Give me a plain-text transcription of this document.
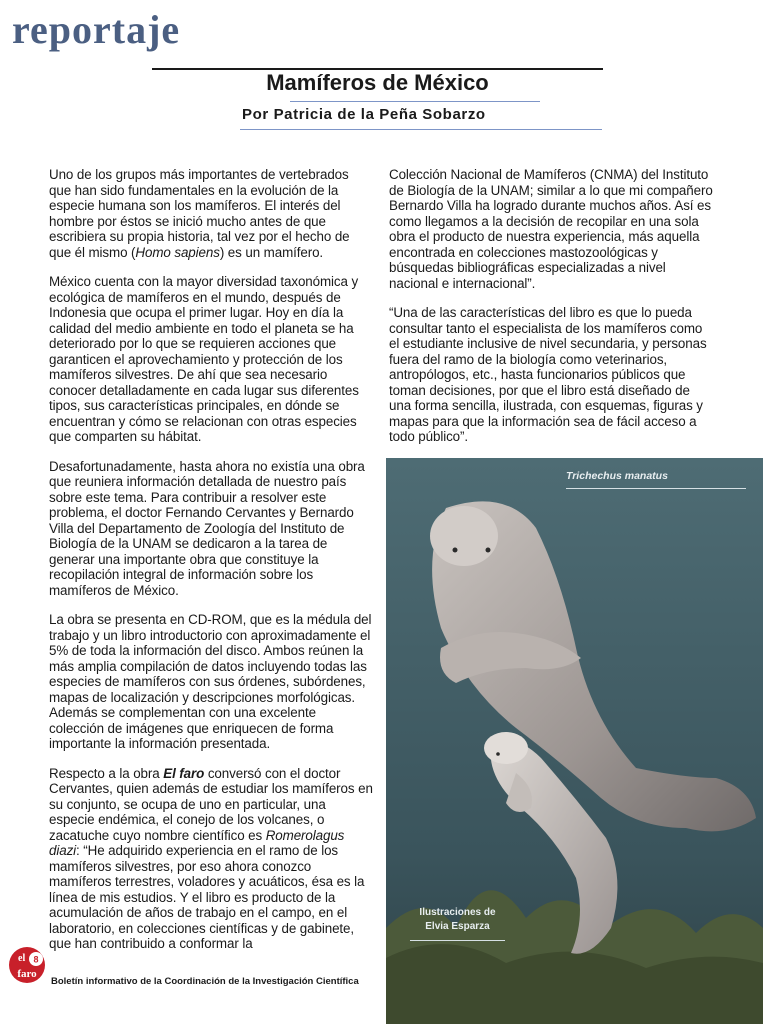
reportaje
Mamíferos de México
Por Patricia de la Peña Sobarzo

Uno de los grupos más importantes de vertebrados que han sido fundamentales en la evolución de la especie humana son los mamíferos. El interés del hombre por éstos se inició mucho antes de que escribiera su propia historia, tal vez por el hecho de que él mismo (Homo sapiens) es un mamífero.

México cuenta con la mayor diversidad taxonómica y ecológica de mamíferos en el mundo, después de Indonesia que ocupa el primer lugar. Hoy en día la calidad del medio ambiente en todo el planeta se ha deteriorado por lo que se requieren acciones que garanticen el aprovechamiento y protección de los mamíferos silvestres. De ahí que sea necesario conocer detalladamente en cada lugar sus diferentes tipos, sus características principales, en dónde se encuentran y cómo se relacionan con otras especies que comparten su hábitat.

Desafortunadamente, hasta ahora no existía una obra que reuniera información detallada de nuestro país sobre este tema. Para contribuir a resolver este problema, el doctor Fernando Cervantes y Bernardo Villa del Departamento de Zoología del Instituto de Biología de la UNAM se dedicaron a la tarea de generar una importante obra que constituye la recopilación integral de información sobre los mamíferos de México.

La obra se presenta en CD-ROM, que es la médula del trabajo y un libro introductorio con aproximadamente el 5% de toda la información del disco. Ambos reúnen la más amplia compilación de datos incluyendo todas las especies de mamíferos con sus órdenes, subórdenes, mapas de localización y descripciones morfológicas. Además se complementan con una excelente colección de imágenes que enriquecen de forma importante la información presentada.

Respecto a la obra El faro conversó con el doctor Cervantes, quien además de estudiar los mamíferos en su conjunto, se ocupa de uno en particular, una especie endémica, el conejo de los volcanes, o zacatuche cuyo nombre científico es Romerolagus diazi: “He adquirido experiencia en el ramo de los mamíferos silvestres, por eso ahora conozco mamíferos terrestres, voladores y acuáticos, ésa es la línea de mis estudios. Y el libro es producto de la acumulación de años de trabajo en el campo, en el laboratorio, en colecciones científicas y de gabinete, que han contribuido a conformar la

Colección Nacional de Mamíferos (CNMA) del Instituto de Biología de la UNAM; similar a lo que mi compañero Bernardo Villa ha logrado durante muchos años. Así es como llegamos a la decisión de recopilar en una sola obra el producto de nuestra experiencia, más aquella encontrada en colecciones mastozoológicas y búsquedas bibliográficas especializadas a nivel nacional e internacional”.

“Una de las características del libro es que lo pueda consultar tanto el especialista de los mamíferos como el estudiante inclusive de nivel secundaria, y personas fuera del ramo de la biología como veterinarios, antropólogos, etc., hasta funcionarios públicos que toman decisiones, por que el libro está diseñado de una forma sencilla, ilustrada, con esquemas, figuras y mapas para que la información sea de fácil acceso a todo público”.

Trichechus manatus
Ilustraciones de
Elvia Esparza
el 8
faro
Boletín informativo de la Coordinación de la Investigación Científica
